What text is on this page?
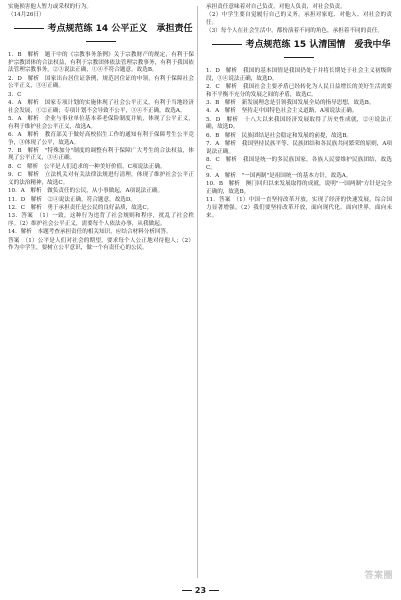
实施损害他人暂力或采权的行为。

（14月26日）

考点规范练 14 公平正义 承担责任

1．B　解析　题干中的《宗教事务条例》关于宗教财产的规定，有利于保护宗教团体的合法权益，有利于宗教团体依法管理宗教事务，有利于我国依法管理宗教事务，②③说法正确，①④不符合题意。故选B。

2．D　解析　国家出台居住证条例，规范居住证的申领，有利于保障社会公平正义，③④正确。

3．C

4．A　解析　国家专项计划的实施体现了社会公平正义，有利于当地经济社会发展，①②正确；专项计划不会导致不公平，③④不正确。故选A。

5．A　解析　企业与事业单位基本养老保险制度并轨，体现了公平正义，有利于维护社会公平正义，故选A。

6．A　解析　教育部关于做好高校招生工作的通知有利于保障考生公平竞争，③体现了公平，故选A。

7．B　解析　"特殊加分"制度的调整有利于保障广大考生的合法权益，体现了公平正义，③④正确。

8．C　解析　公平是人们追求的一种美好价值，C项说法正确。

9．C　解析　立法机关对有关法律法规进行清理，体现了维护社会公平正义的法治精神，故选C。

10．A　解析　做负责任的公民，从小事做起，A项说法正确。

11．D　解析　②④说法正确，符合题意，故选D。

12．C　解析　勇于承担责任是公民的良好品质，故选C。

13．答案　（1）一致，这种行为违背了社会规则和程序，扰乱了社会秩序。（2）维护社会公平正义，需要每个人依法办事，从我做起。

14．解析　本题考查承担责任的相关知识，应结合材料分析回答。

答案　（1）公平是人们对社会的期望，要求每个人公正地对待他人；（2）作为中学生，要树立公平意识，做一个有责任心的公民。

承担责任意味着对自己负责，对他人负责，对社会负责。

（2）中学生要自觉履行自己的义务，承担对家庭、对他人、对社会的责任。

（3）每个人在社会生活中，都扮演着不同的角色，承担着不同的责任。

考点规范练 15 认清国情 爱我中华

1．D　解析　我国的基本国情是我国仍处于并将长期处于社会主义初级阶段，③④说法正确，故选D。

2．C　解析　我国社会主要矛盾已经转化为人民日益增长的美好生活需要和不平衡不充分的发展之间的矛盾，故选C。

3．B　解析　新发展理念是引领我国发展全局的指导思想，故选B。

4．A　解析　坚持走中国特色社会主义道路，A项说法正确。

5．D　解析　十八大以来我国经济发展取得了历史性成就，②④说法正确，故选D。

6．B　解析　民族团结是社会稳定和发展的前提，故选B。

7．A　解析　我国坚持民族平等、民族团结和各民族共同繁荣的原则，A项说法正确。

8．C　解析　我国是统一的多民族国家，各族人民要维护民族团结，故选C。

9．A　解析　"一国两制"是祖国统一的基本方针，故选A。

10．B　解析　澳门回归以来发展取得的成就，说明"一国两制"方针是完全正确的，故选B。

11．答案　（1）中国一直坚持改革开放，实现了经济的快速发展，综合国力显著增强。（2）我们要坚持改革开放，面向现代化，面向世界，面向未来。

23
答案圈
